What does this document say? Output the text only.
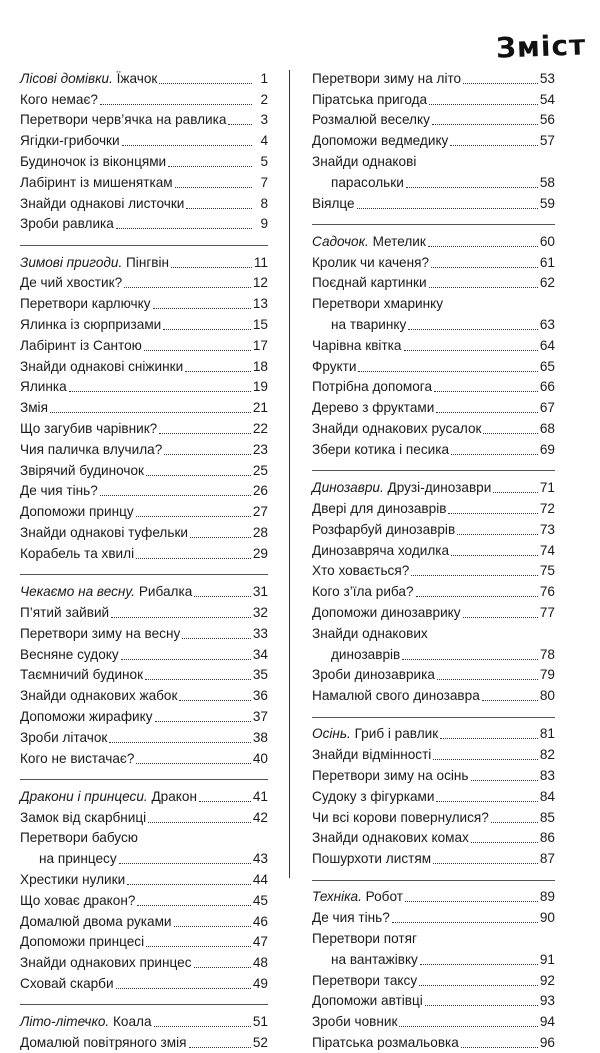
Зміст
Лісові домівки. Їжачок	1
Кого немає?	2
Перетвори черв’ячка на равлика	3
Ягідки-грибочки	4
Будиночок із віконцями	5
Лабіринт із мишеняткам	7
Знайди однакові листочки	8
Зроби равлика	9
Зимові пригоди. Пінгвін	11
Де чий хвостик?	12
Перетвори карлючку	13
Ялинка із сюрпризами	15
Лабіринт із Сантою	17
Знайди однакові сніжинки	18
Ялинка	19
Змія	21
Що загубив чарівник?	22
Чия паличка влучила?	23
Звірячий будиночок	25
Де чия тінь?	26
Допоможи принцу	27
Знайди однакові туфельки	28
Корабель та хвилі	29
Чекаємо на весну. Рибалка	31
П’ятий зайвий	32
Перетвори зиму на весну	33
Весняне судоку	34
Таємничий будинок	35
Знайди однакових жабок	36
Допоможи жирафику	37
Зроби літачок	38
Кого не вистачає?	40
Дракони і принцеси. Дракон	41
Замок від скарбниці	42
Перетвори бабусю
на принцесу	43
Хрестики нулики	44
Що ховає дракон?	45
Домалюй двома руками	46
Допоможи принцесі	47
Знайди однакових принцес	48
Сховай скарби	49
Літо-літечко. Коала	51
Домалюй повітряного змія	52
Перетвори зиму на літо	53
Піратська пригода	54
Розмалюй веселку	56
Допоможи ведмедику	57
Знайди однакові
парасольки	58
Віялце	59
Садочок. Метелик	60
Кролик чи каченя?	61
Поєднай картинки	62
Перетвори хмаринку
на тваринку	63
Чарівна квітка	64
Фрукти	65
Потрібна допомога	66
Дерево з фруктами	67
Знайди однакових русалок	68
Збери котика і песика	69
Динозаври. Друзі-динозаври	71
Двері для динозаврів	72
Розфарбуй динозаврів	73
Динозавряча ходилка	74
Хто ховається?	75
Кого з’їла риба?	76
Допоможи динозаврику	77
Знайди однакових
динозаврів	78
Зроби динозаврика	79
Намалюй свого динозавра	80
Осінь. Гриб і равлик	81
Знайди відмінності	82
Перетвори зиму на осінь	83
Судоку з фігурками	84
Чи всі корови повернулися?	85
Знайди однакових комах	86
Пошурхоти листям	87
Техніка. Робот	89
Де чия тінь?	90
Перетвори потяг
на вантажівку	91
Перетвори таксу	92
Допоможи автівці	93
Зроби човник	94
Піратська розмальовка	96
